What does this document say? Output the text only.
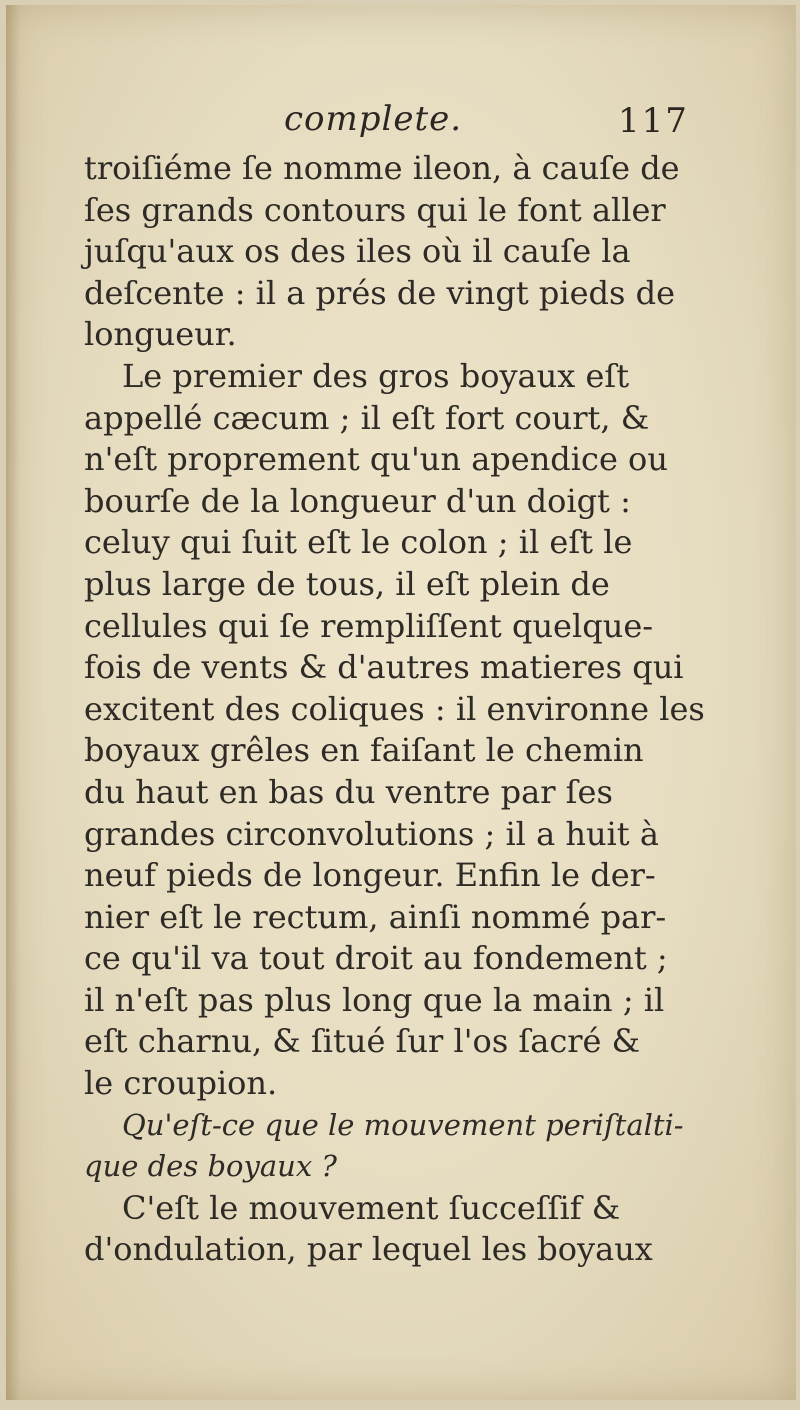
complete.	117
troiſiéme ſe nomme ileon, à cauſe de
ſes grands contours qui le font aller
juſqu'aux os des iles où il cauſe la
deſcente : il a prés de vingt pieds de
longueur.
Le premier des gros boyaux eſt
appellé cæcum ; il eſt fort court, &
n'eſt proprement qu'un apendice ou
bourſe de la longueur d'un doigt :
celuy qui ſuit eſt le colon ; il eſt le
plus large de tous, il eſt plein de
cellules qui ſe rempliſſent quelque-
fois de vents & d'autres matieres qui
excitent des coliques : il environne les
boyaux grêles en faiſant le chemin
du haut en bas du ventre par ſes
grandes circonvolutions ; il a huit à
neuf pieds de longeur. Enfin le der-
nier eſt le rectum, ainſi nommé par-
ce qu'il va tout droit au fondement ;
il n'eſt pas plus long que la main ; il
eſt charnu, & ſitué ſur l'os ſacré &
le croupion.
Qu'eſt-ce que le mouvement periſtalti-
que des boyaux ?
C'eſt le mouvement ſucceſſif &
d'ondulation, par lequel les boyaux
